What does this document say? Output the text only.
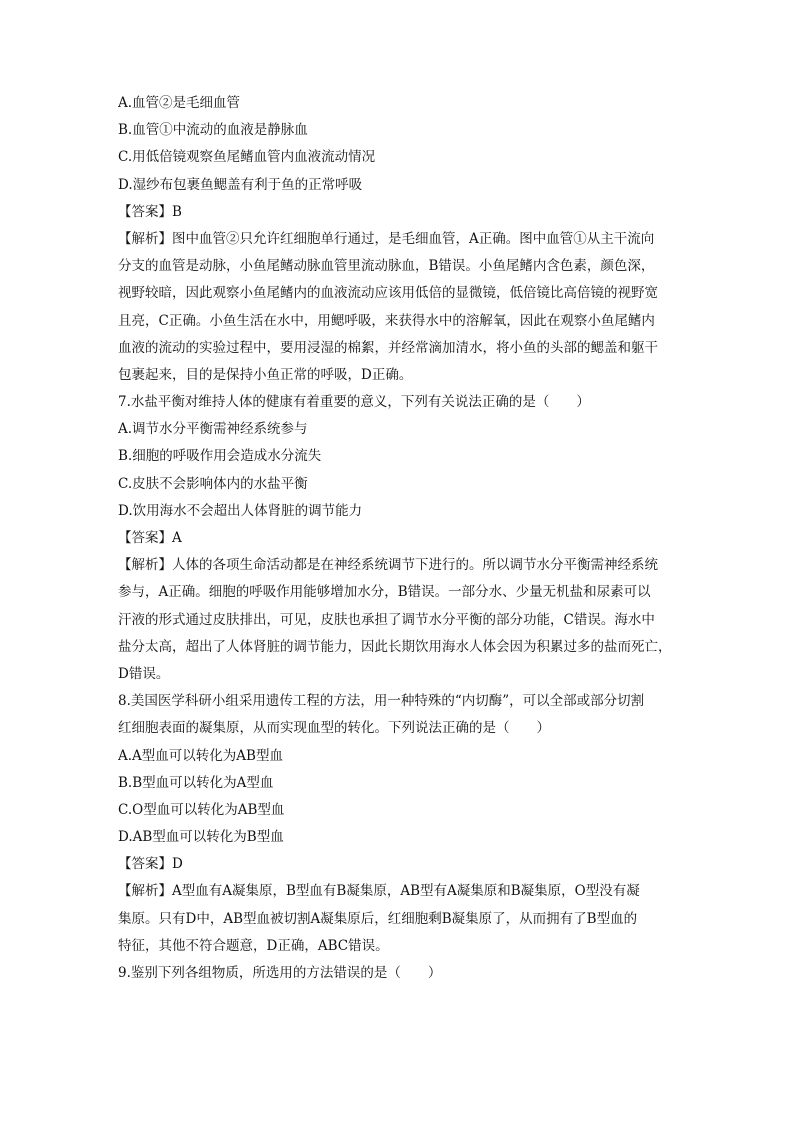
A.血管②是毛细血管
B.血管①中流动的血液是静脉血
C.用低倍镜观察鱼尾鳍血管内血液流动情况
D.湿纱布包裹鱼鳃盖有利于鱼的正常呼吸
【答案】B
【解析】图中血管②只允许红细胞单行通过，是毛细血管，A正确。图中血管①从主干流向
分支的血管是动脉，小鱼尾鳍动脉血管里流动脉血，B错误。小鱼尾鳍内含色素，颜色深，
视野较暗，因此观察小鱼尾鳍内的血液流动应该用低倍的显微镜，低倍镜比高倍镜的视野宽
且亮，C正确。小鱼生活在水中，用鳃呼吸，来获得水中的溶解氧，因此在观察小鱼尾鳍内
血液的流动的实验过程中，要用浸湿的棉絮，并经常滴加清水，将小鱼的头部的鳃盖和躯干
包裹起来，目的是保持小鱼正常的呼吸，D正确。
7.水盐平衡对维持人体的健康有着重要的意义，下列有关说法正确的是（　　）
A.调节水分平衡需神经系统参与
B.细胞的呼吸作用会造成水分流失
C.皮肤不会影响体内的水盐平衡
D.饮用海水不会超出人体肾脏的调节能力
【答案】A
【解析】人体的各项生命活动都是在神经系统调节下进行的。所以调节水分平衡需神经系统
参与，A正确。细胞的呼吸作用能够增加水分，B错误。一部分水、少量无机盐和尿素可以
汗液的形式通过皮肤排出，可见，皮肤也承担了调节水分平衡的部分功能，C错误。海水中
盐分太高，超出了人体肾脏的调节能力，因此长期饮用海水人体会因为积累过多的盐而死亡，
D错误。
8.美国医学科研小组采用遗传工程的方法，用一种特殊的“内切酶”，可以全部或部分切割
红细胞表面的凝集原，从而实现血型的转化。下列说法正确的是（　　）
A.A型血可以转化为AB型血
B.B型血可以转化为A型血
C.O型血可以转化为AB型血
D.AB型血可以转化为B型血
【答案】D
【解析】A型血有A凝集原，B型血有B凝集原，AB型有A凝集原和B凝集原，O型没有凝
集原。只有D中，AB型血被切割A凝集原后，红细胞剩B凝集原了，从而拥有了B型血的
特征，其他不符合题意，D正确，ABC错误。
9.鉴别下列各组物质，所选用的方法错误的是（　　）
